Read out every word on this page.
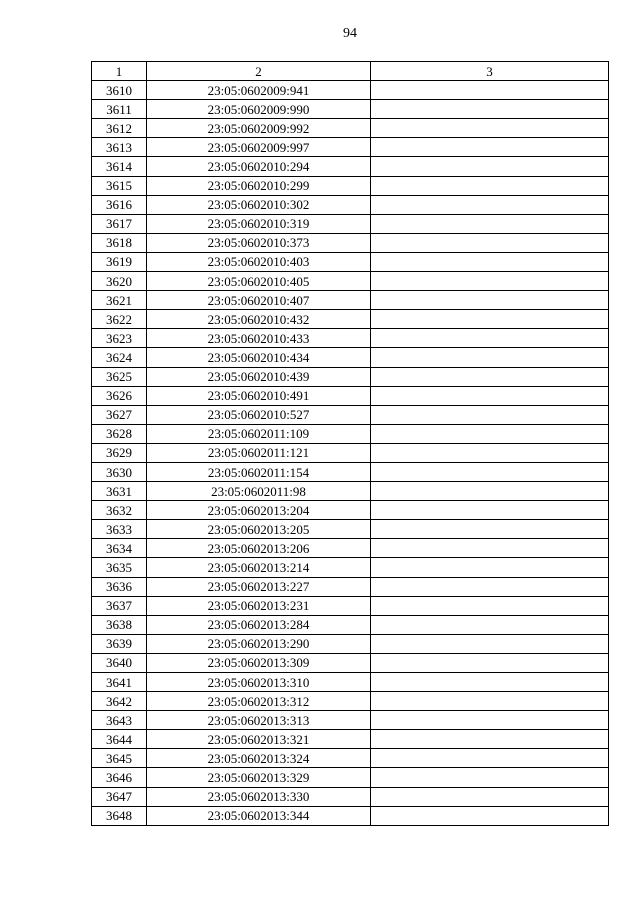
94
1	2	3
3610	23:05:0602009:941	
3611	23:05:0602009:990	
3612	23:05:0602009:992	
3613	23:05:0602009:997	
3614	23:05:0602010:294	
3615	23:05:0602010:299	
3616	23:05:0602010:302	
3617	23:05:0602010:319	
3618	23:05:0602010:373	
3619	23:05:0602010:403	
3620	23:05:0602010:405	
3621	23:05:0602010:407	
3622	23:05:0602010:432	
3623	23:05:0602010:433	
3624	23:05:0602010:434	
3625	23:05:0602010:439	
3626	23:05:0602010:491	
3627	23:05:0602010:527	
3628	23:05:0602011:109	
3629	23:05:0602011:121	
3630	23:05:0602011:154	
3631	23:05:0602011:98	
3632	23:05:0602013:204	
3633	23:05:0602013:205	
3634	23:05:0602013:206	
3635	23:05:0602013:214	
3636	23:05:0602013:227	
3637	23:05:0602013:231	
3638	23:05:0602013:284	
3639	23:05:0602013:290	
3640	23:05:0602013:309	
3641	23:05:0602013:310	
3642	23:05:0602013:312	
3643	23:05:0602013:313	
3644	23:05:0602013:321	
3645	23:05:0602013:324	
3646	23:05:0602013:329	
3647	23:05:0602013:330	
3648	23:05:0602013:344	
